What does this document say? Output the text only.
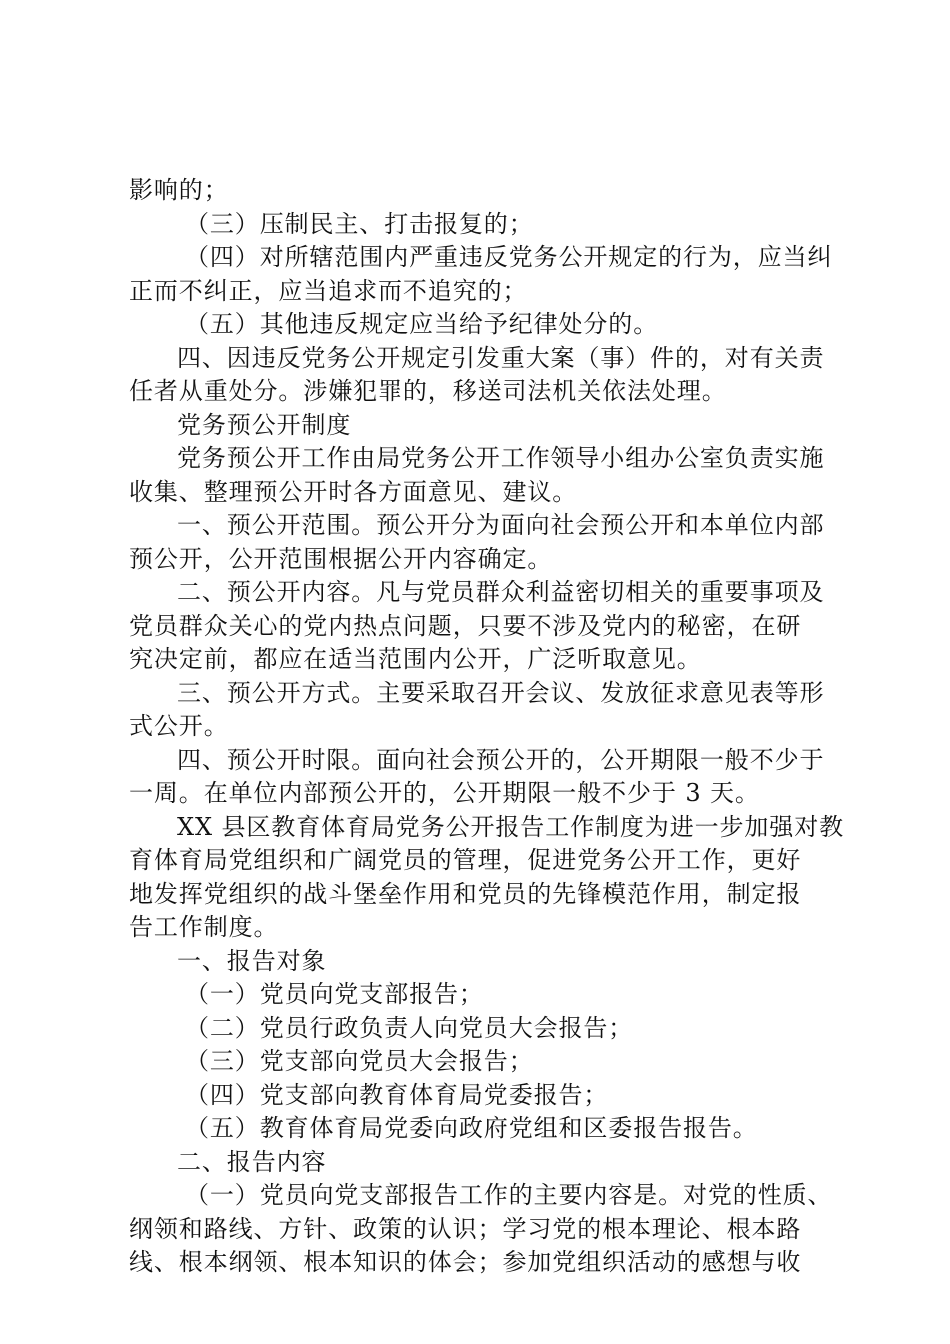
影响的；
（三）压制民主、打击报复的；
（四）对所辖范围内严重违反党务公开规定的行为，应当纠
正而不纠正，应当追求而不追究的；
（五）其他违反规定应当给予纪律处分的。
四、因违反党务公开规定引发重大案（事）件的，对有关责
任者从重处分。涉嫌犯罪的，移送司法机关依法处理。
党务预公开制度
党务预公开工作由局党务公开工作领导小组办公室负责实施
收集、整理预公开时各方面意见、建议。
一、预公开范围。预公开分为面向社会预公开和本单位内部
预公开，公开范围根据公开内容确定。
二、预公开内容。凡与党员群众利益密切相关的重要事项及
党员群众关心的党内热点问题，只要不涉及党内的秘密，在研
究决定前，都应在适当范围内公开，广泛听取意见。
三、预公开方式。主要采取召开会议、发放征求意见表等形
式公开。
四、预公开时限。面向社会预公开的，公开期限一般不少于
一周。在单位内部预公开的，公开期限一般不少于 3 天。
XX 县区教育体育局党务公开报告工作制度为进一步加强对教
育体育局党组织和广阔党员的管理，促进党务公开工作，更好
地发挥党组织的战斗堡垒作用和党员的先锋模范作用，制定报
告工作制度。
一、报告对象
（一）党员向党支部报告；
（二）党员行政负责人向党员大会报告；
（三）党支部向党员大会报告；
（四）党支部向教育体育局党委报告；
（五）教育体育局党委向政府党组和区委报告报告。
二、报告内容
（一）党员向党支部报告工作的主要内容是。对党的性质、
纲领和路线、方针、政策的认识；学习党的根本理论、根本路
线、根本纲领、根本知识的体会；参加党组织活动的感想与收
